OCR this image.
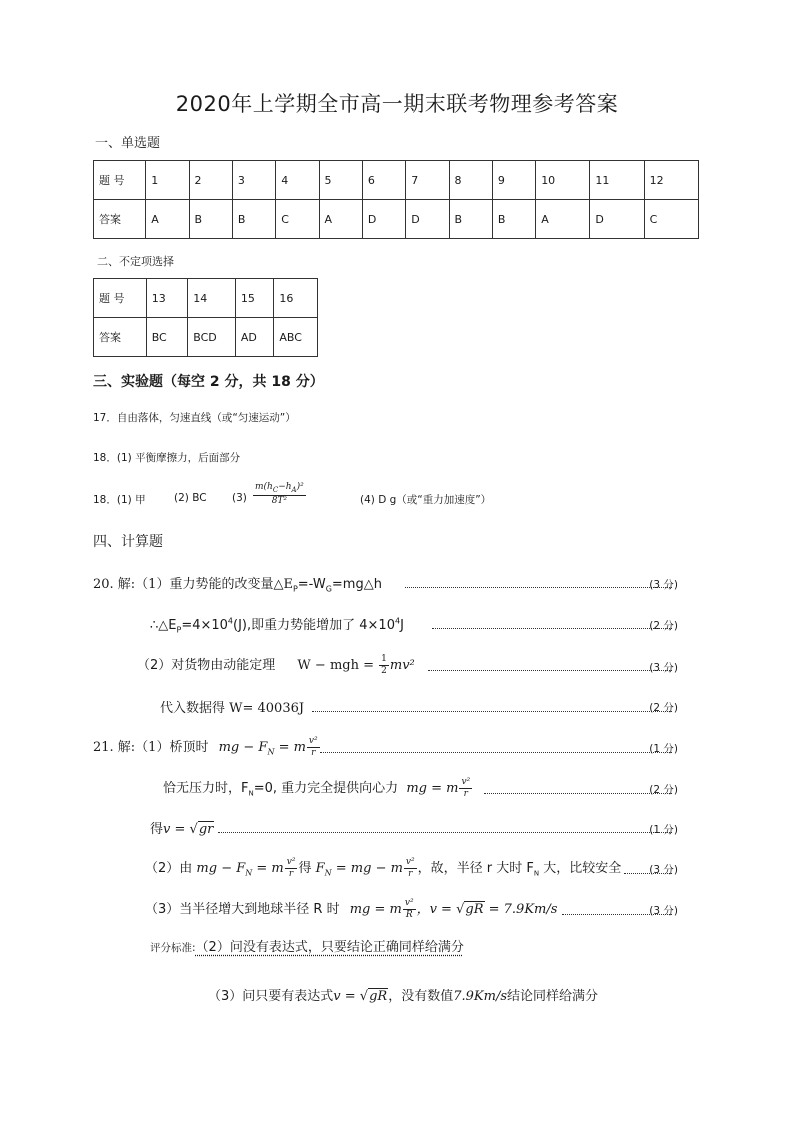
2020年上学期全市高一期末联考物理参考答案
一、单选题
题 号	1	2	3	4	5	6	7	8	9	10	11	12
答案	A	B	B	C	A	D	D	B	B	A	D	C
二、不定项选择
题 号	13	14	15	16
答案	BC	BCD	AD	ABC
三、实验题（每空 2 分，共 18 分）
17．自由落体，匀速直线（或“匀速运动”）
18．(1) 平衡摩擦力，后面部分
18．(1) 甲	(2) BC $(3) \frac{m(h_C-h_A)^2}{\text{8T²}}$	(4) D g（或“重力加速度”）
四、计算题
20. 解:（1）重力势能的改变量$\triangle E_P=-W_G=mg\triangle h$	(3 分)
$\therefore\triangle E_P=4\times 10^4(J)$,即重力势能增加了 $4\times 10^4J$	(2 分)
（2）对货物由动能定理 W − mgh = $\frac{1}{2} mv^2$	(3 分)
代入数据得 W= 40036J	(2 分)
21. 解:（1）桥顶时 mg − $F_N = m \frac{\text{v²}}{r}$	(1 分)
恰无压力时，$F_N=0$, 重力完全提供向心力 mg = m $\frac{\text{v²}}{r}$	(2 分)
得v = √gr	(1 分)
（2）由 mg − $F_N = m \frac{\text{v²}}{r}$ 得 $F_N$ = mg − m $\frac{\text{v²}}{r}$ ，故，半径 r 大时 $F_N$ 大，比较安全	(3 分)
（3）当半径增大到地球半径 R 时 mg = m $\frac{\text{v²}}{R}$ ，v = √gR = 7.9Km/s	(3 分)
评分标准:（2）问没有表达式，只要结论正确同样给满分
（3）问只要有表达式v = √gR，没有数值7.9Km/s结论同样给满分
